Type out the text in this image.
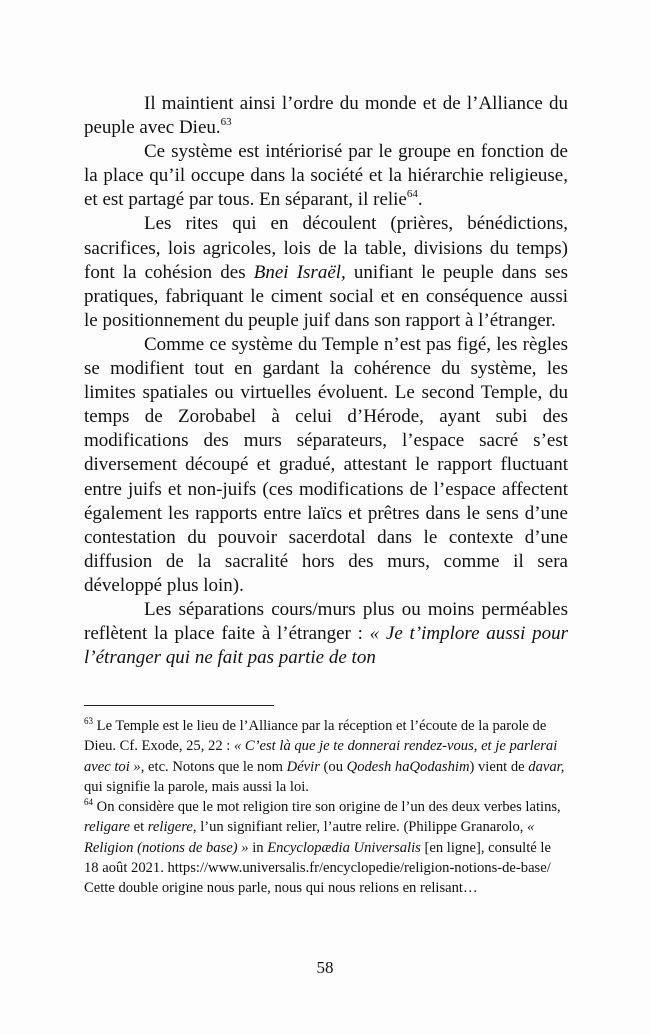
Il maintient ainsi l’ordre du monde et de l’Alliance du peuple avec Dieu.$^{63}$

Ce système est intériorisé par le groupe en fonction de la place qu’il occupe dans la société et la hiérarchie religieuse, et est partagé par tous. En séparant, il relie$^{64}$.

Les rites qui en découlent (prières, bénédictions, sacrifices, lois agricoles, lois de la table, divisions du temps) font la cohésion des Bnei Israël, unifiant le peuple dans ses pratiques, fabriquant le ciment social et en conséquence aussi le positionnement du peuple juif dans son rapport à l’étranger.

Comme ce système du Temple n’est pas figé, les règles se modifient tout en gardant la cohérence du système, les limites spatiales ou virtuelles évoluent. Le second Temple, du temps de Zorobabel à celui d’Hérode, ayant subi des modifications des murs séparateurs, l’espace sacré s’est diversement découpé et gradué, attestant le rapport fluctuant entre juifs et non-juifs (ces modifications de l’espace affectent également les rapports entre laïcs et prêtres dans le sens d’une contestation du pouvoir sacerdotal dans le contexte d’une diffusion de la sacralité hors des murs, comme il sera développé plus loin).

Les séparations cours/murs plus ou moins perméables reflètent la place faite à l’étranger : « Je t’implore aussi pour l’étranger qui ne fait pas partie de ton

$^{63}$ Le Temple est le lieu de l’Alliance par la réception et l’écoute de la parole de Dieu. Cf. Exode, 25, 22 : « C’est là que je te donnerai rendez-vous, et je parlerai avec toi », etc. Notons que le nom Dévir (ou Qodesh haQodashim) vient de davar, qui signifie la parole, mais aussi la loi.

$^{64}$ On considère que le mot religion tire son origine de l’un des deux verbes latins, religare et religere, l’un signifiant relier, l’autre relire. (Philippe Granarolo, « Religion (notions de base) » in Encyclopædia Universalis [en ligne], consulté le 18 août 2021. https://www.universalis.fr/encyclopedie/religion-notions-de-base/ Cette double origine nous parle, nous qui nous relions en relisant…

58
